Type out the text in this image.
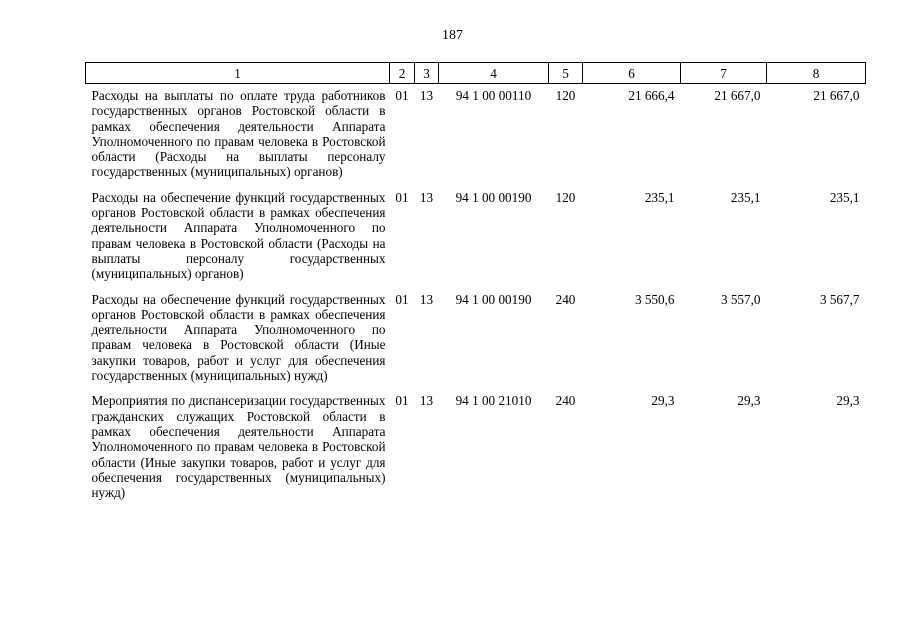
187
1	2	3	4	5	6	7	8
Расходы на выплаты по оплате труда работников государственных органов Ростовской области в рамках обеспечения деятельности Аппарата Уполномоченного по правам человека в Ростовской области (Расходы на выплаты персоналу государственных (муниципальных) органов)	01	13	94 1 00 00110	120	21 666,4	21 667,0	21 667,0
Расходы на обеспечение функций государственных органов Ростовской области в рамках обеспечения деятельности Аппарата Уполномоченного по правам человека в Ростовской области (Расходы на выплаты персоналу государственных (муниципальных) органов)	01	13	94 1 00 00190	120	235,1	235,1	235,1
Расходы на обеспечение функций государственных органов Ростовской области в рамках обеспечения деятельности Аппарата Уполномоченного по правам человека в Ростовской области (Иные закупки товаров, работ и услуг для обеспечения государственных (муниципальных) нужд)	01	13	94 1 00 00190	240	3 550,6	3 557,0	3 567,7
Мероприятия по диспансеризации государственных гражданских служащих Ростовской области в рамках обеспечения деятельности Аппарата Уполномоченного по правам человека в Ростовской области (Иные закупки товаров, работ и услуг для обеспечения государственных (муниципальных) нужд)	01	13	94 1 00 21010	240	29,3	29,3	29,3
